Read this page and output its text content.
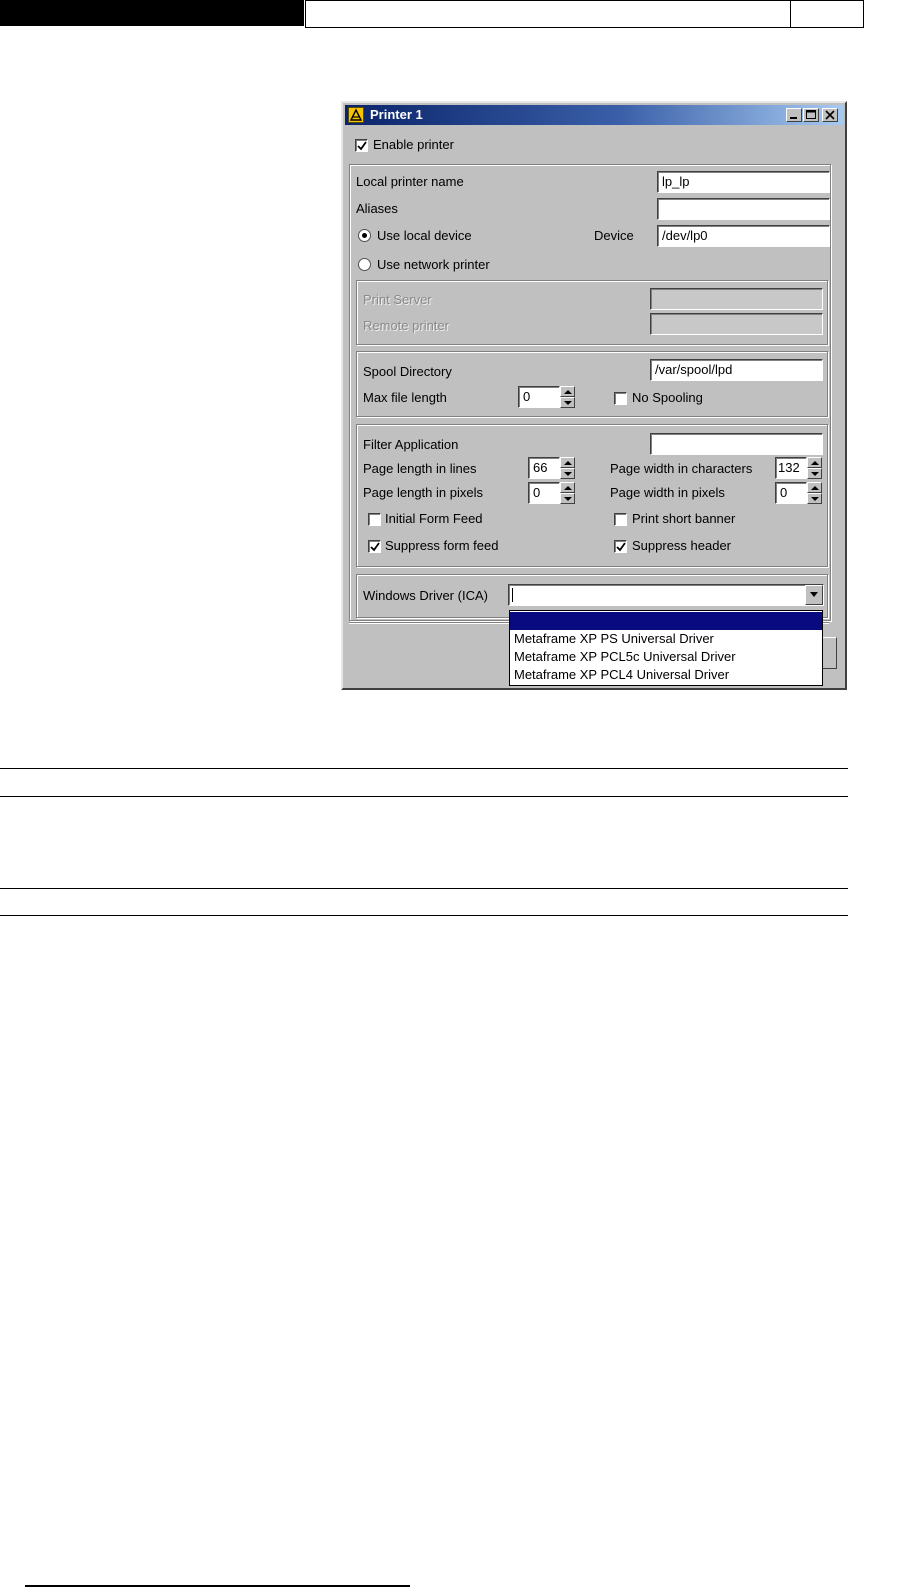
Printer 1
Enable printer
Local printer name	lp_lp
Aliases
Use local device	Device	/dev/lp0
Use network printer
Print Server
Remote printer
Spool Directory	/var/spool/lpd
Max file length	0	No Spooling
Filter Application
Page length in lines	66	Page width in characters 132
Page length in pixels	0	Page width in pixels	0
Initial Form Feed	Print short banner
Suppress form feed	Suppress header
Windows Driver (ICA)
Metaframe XP PS Universal Driver
Metaframe XP PCL5c Universal Driver
Metaframe XP PCL4 Universal Driver
